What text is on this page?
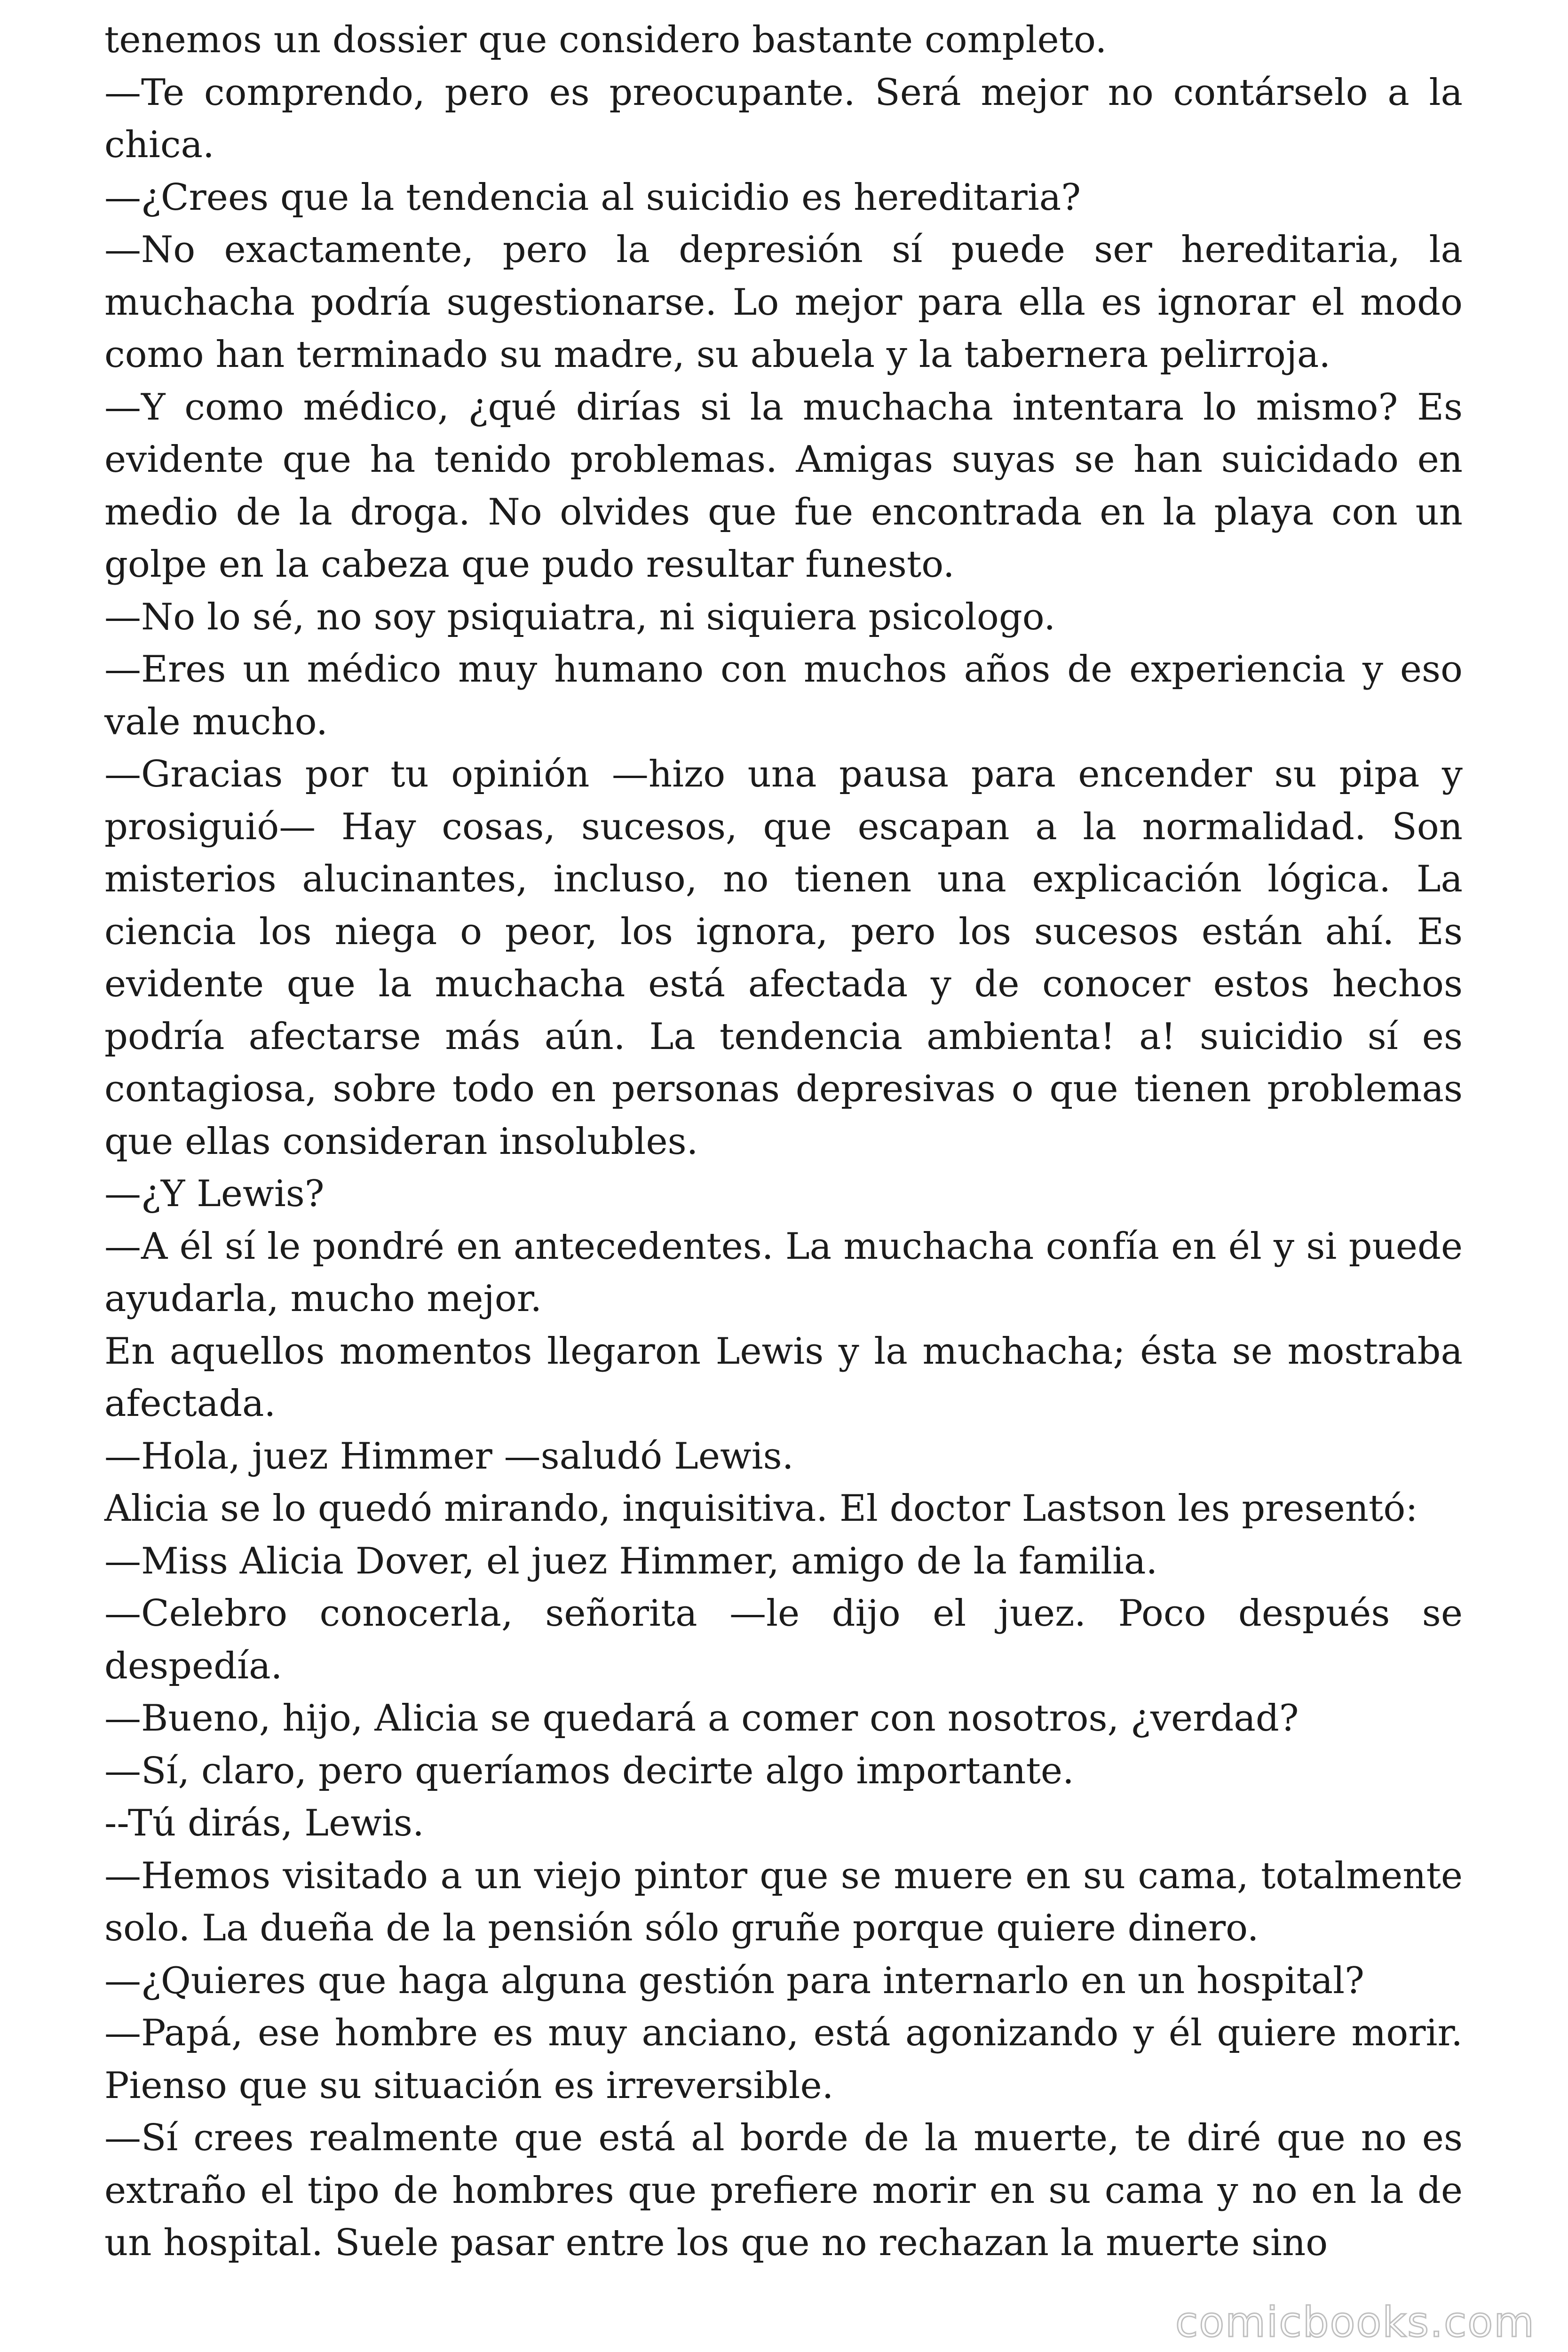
tenemos un dossier que considero bastante completo.

—Te comprendo, pero es preocupante. Será mejor no contárselo a la chica.

—¿Crees que la tendencia al suicidio es hereditaria?

—No exactamente, pero la depresión sí puede ser hereditaria, la muchacha podría sugestionarse. Lo mejor para ella es ignorar el modo como han terminado su madre, su abuela y la tabernera pelirroja.

—Y como médico, ¿qué dirías si la muchacha intentara lo mismo? Es evidente que ha tenido problemas. Amigas suyas se han suicidado en medio de la droga. No olvides que fue encontrada en la playa con un golpe en la cabeza que pudo resultar funesto.

—No lo sé, no soy psiquiatra, ni siquiera psicologo.

—Eres un médico muy humano con muchos años de experiencia y eso vale mucho.

—Gracias por tu opinión —hizo una pausa para encender su pipa y prosiguió— Hay cosas, sucesos, que escapan a la normalidad. Son misterios alucinantes, incluso, no tienen una explicación lógica. La ciencia los niega o peor, los ignora, pero los sucesos están ahí. Es evidente que la muchacha está afectada y de conocer estos hechos podría afectarse más aún. La tendencia ambienta! a! suicidio sí es contagiosa, sobre todo en personas depresivas o que tienen problemas que ellas consideran insolubles.

—¿Y Lewis?

—A él sí le pondré en antecedentes. La muchacha confía en él y si puede ayudarla, mucho mejor.

En aquellos momentos llegaron Lewis y la muchacha; ésta se mostraba afectada.

—Hola, juez Himmer —saludó Lewis.

Alicia se lo quedó mirando, inquisitiva. El doctor Lastson les presentó:

—Miss Alicia Dover, el juez Himmer, amigo de la familia.

—Celebro conocerla, señorita —le dijo el juez. Poco después se despedía.

—Bueno, hijo, Alicia se quedará a comer con nosotros, ¿verdad?

—Sí, claro, pero queríamos decirte algo importante.

--Tú dirás, Lewis.

—Hemos visitado a un viejo pintor que se muere en su cama, totalmente solo. La dueña de la pensión sólo gruñe porque quiere dinero.

—¿Quieres que haga alguna gestión para internarlo en un hospital?

—Papá, ese hombre es muy anciano, está agonizando y él quiere morir. Pienso que su situación es irreversible.

—Sí crees realmente que está al borde de la muerte, te diré que no es extraño el tipo de hombres que prefiere morir en su cama y no en la de un hospital. Suele pasar entre los que no rechazan la muerte sino

comicbooks.com
